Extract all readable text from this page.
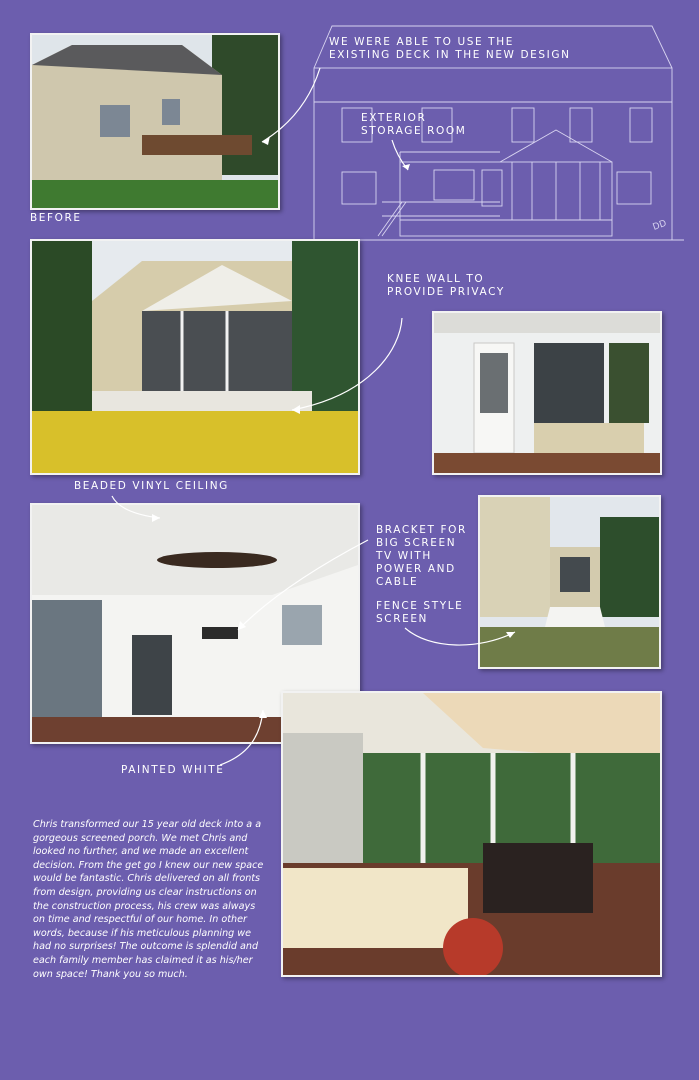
DD
BEFORE
WE WERE ABLE TO USE THE
EXISTING DECK IN THE NEW DESIGN
EXTERIOR
STORAGE ROOM
KNEE WALL TO
PROVIDE PRIVACY
BEADED VINYL CEILING
BRACKET FOR
BIG SCREEN
TV WITH
POWER AND
CABLE
FENCE STYLE
SCREEN
PAINTED WHITE
Chris transformed our 15 year old deck into a a gorgeous screened porch. We met Chris and looked no further, and we made an excellent decision. From the get go I knew our new space would be fantastic. Chris delivered on all fronts from design, providing us clear instructions on the construction process, his crew was always on time and respectful of our home. In other words, because if his meticulous planning we had no surprises! The outcome is splendid and each family member has claimed it as his/her own space! Thank you so much.
